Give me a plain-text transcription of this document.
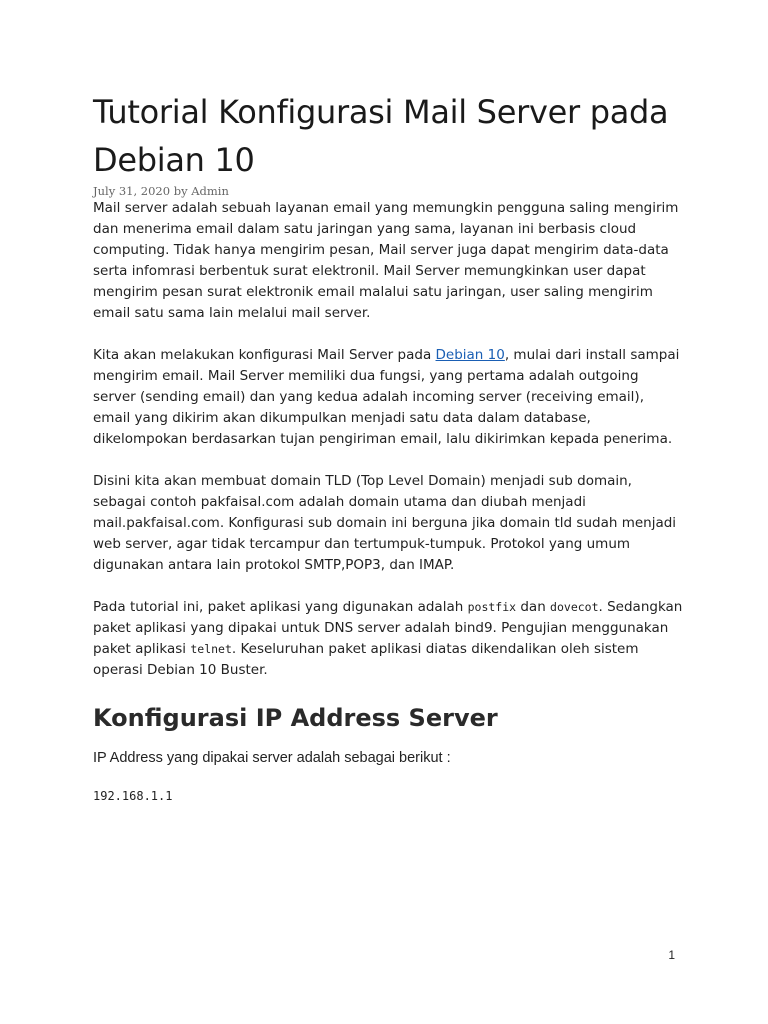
Tutorial Konfigurasi Mail Server pada Debian 10

July 31, 2020 by Admin

Mail server adalah sebuah layanan email yang memungkin pengguna saling mengirim dan menerima email dalam satu jaringan yang sama, layanan ini berbasis cloud computing. Tidak hanya mengirim pesan, Mail server juga dapat mengirim data-data serta infomrasi berbentuk surat elektronil. Mail Server memungkinkan user dapat mengirim pesan surat elektronik email malalui satu jaringan, user saling mengirim email satu sama lain melalui mail server.

Kita akan melakukan konfigurasi Mail Server pada Debian 10, mulai dari install sampai mengirim email. Mail Server memiliki dua fungsi, yang pertama adalah outgoing server (sending email) dan yang kedua adalah incoming server (receiving email), email yang dikirim akan dikumpulkan menjadi satu data dalam database, dikelompokan berdasarkan tujan pengiriman email, lalu dikirimkan kepada penerima.

Disini kita akan membuat domain TLD (Top Level Domain) menjadi sub domain, sebagai contoh pakfaisal.com adalah domain utama dan diubah menjadi mail.pakfaisal.com. Konfigurasi sub domain ini berguna jika domain tld sudah menjadi web server, agar tidak tercampur dan tertumpuk-tumpuk. Protokol yang umum digunakan antara lain protokol SMTP,POP3, dan IMAP.

Pada tutorial ini, paket aplikasi yang digunakan adalah postfix dan dovecot. Sedangkan paket aplikasi yang dipakai untuk DNS server adalah bind9. Pengujian menggunakan paket aplikasi telnet. Keseluruhan paket aplikasi diatas dikendalikan oleh sistem operasi Debian 10 Buster.

Konfigurasi IP Address Server

IP Address yang dipakai server adalah sebagai berikut :

192.168.1.1
1
